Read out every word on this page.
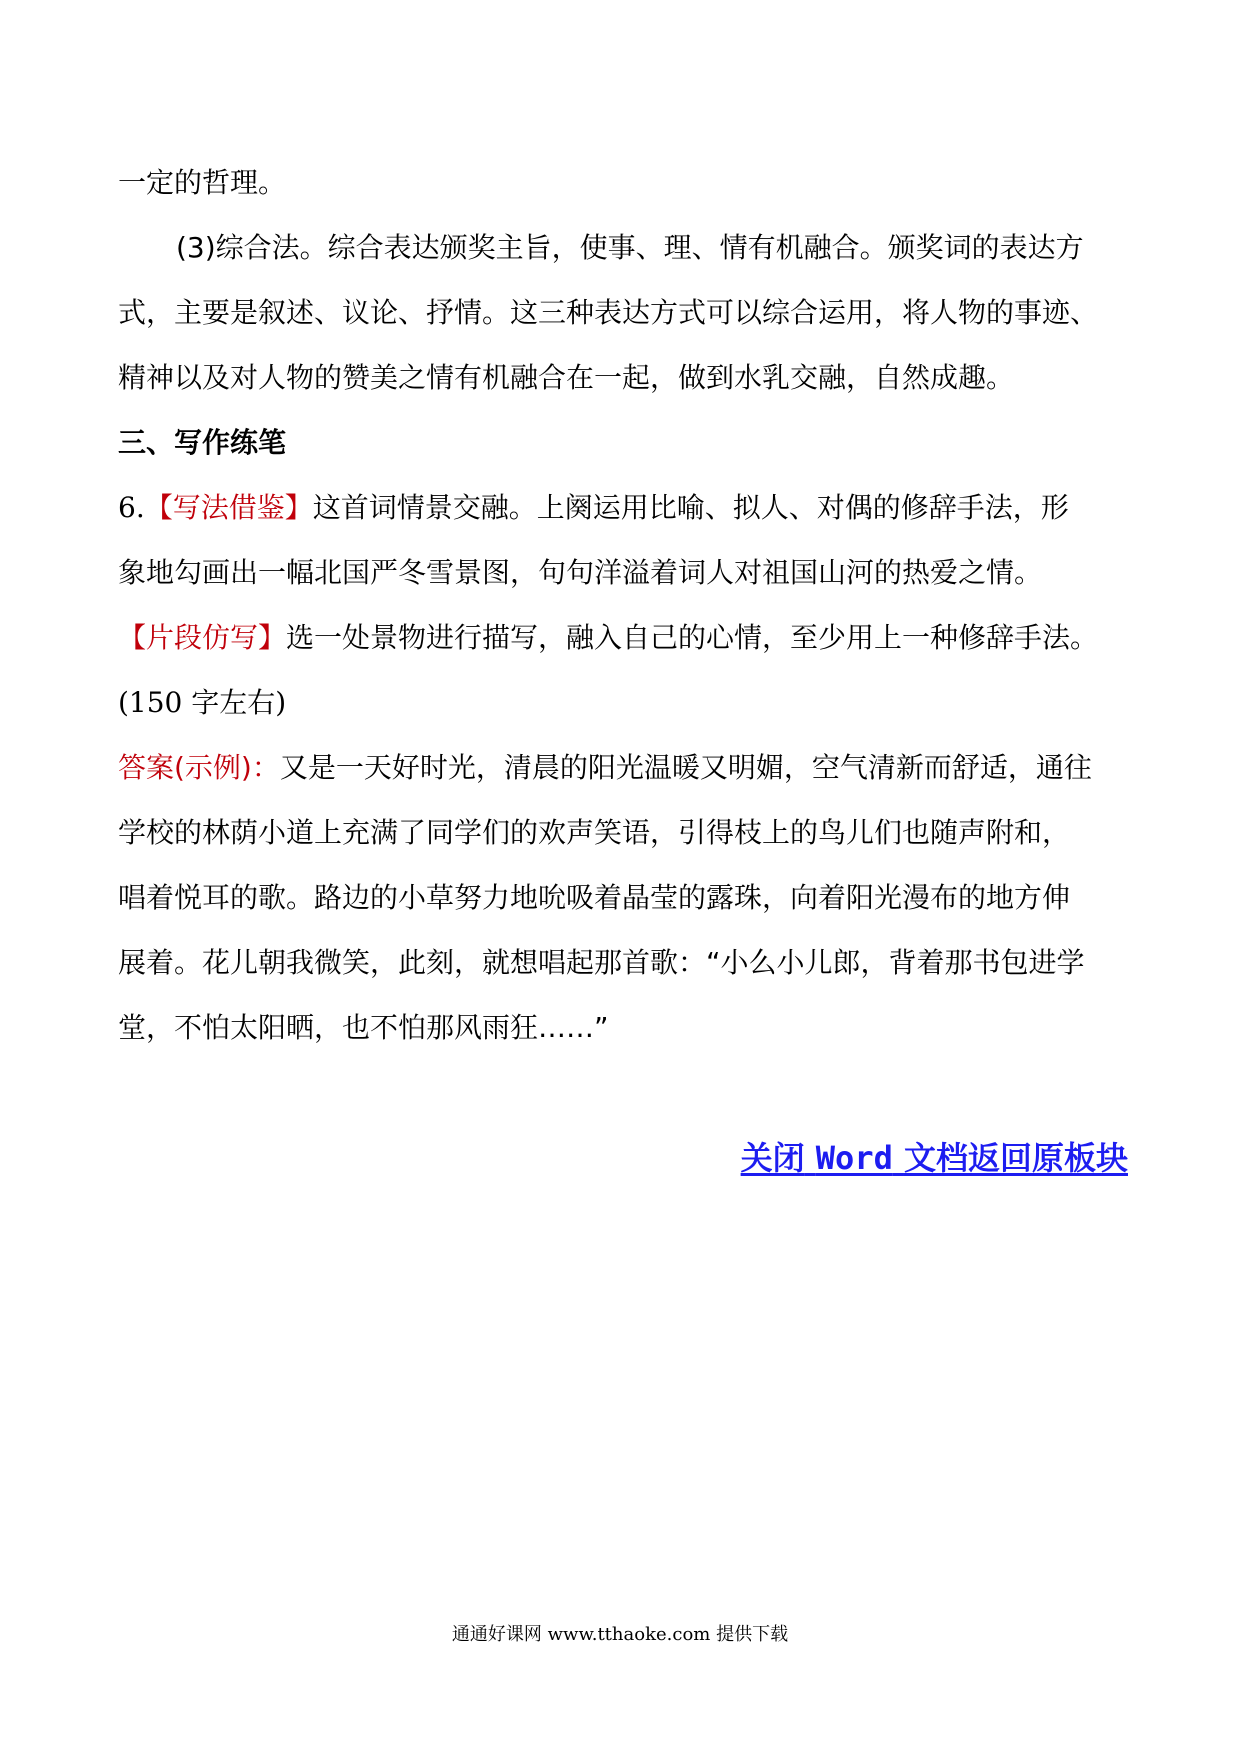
一定的哲理。
(3)综合法。综合表达颁奖主旨，使事、理、情有机融合。颁奖词的表达方
式，主要是叙述、议论、抒情。这三种表达方式可以综合运用，将人物的事迹、
精神以及对人物的赞美之情有机融合在一起，做到水乳交融，自然成趣。
三、写作练笔
6.【写法借鉴】这首词情景交融。上阕运用比喻、拟人、对偶的修辞手法，形
象地勾画出一幅北国严冬雪景图，句句洋溢着词人对祖国山河的热爱之情。
【片段仿写】选一处景物进行描写，融入自己的心情，至少用上一种修辞手法。
(150 字左右)
答案(示例)：又是一天好时光，清晨的阳光温暖又明媚，空气清新而舒适，通往
学校的林荫小道上充满了同学们的欢声笑语，引得枝上的鸟儿们也随声附和，
唱着悦耳的歌。路边的小草努力地吮吸着晶莹的露珠，向着阳光漫布的地方伸
展着。花儿朝我微笑，此刻，就想唱起那首歌：“小么小儿郎，背着那书包进学
堂，不怕太阳晒，也不怕那风雨狂……”
关闭 Word 文档返回原板块
通通好课网 www.tthaoke.com 提供下载
